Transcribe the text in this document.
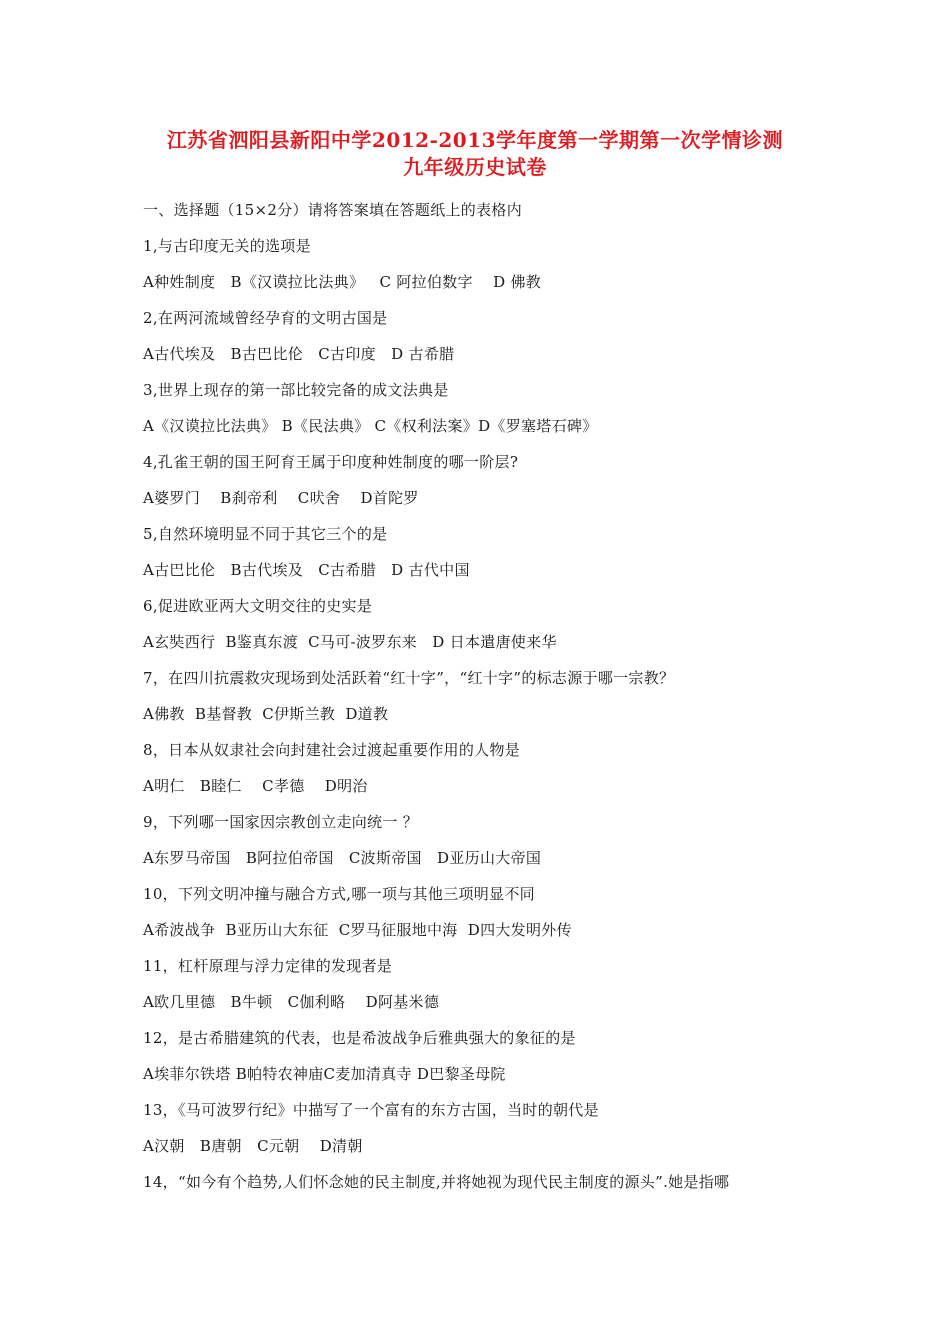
江苏省泗阳县新阳中学2012-2013学年度第一学期第一次学情诊测
九年级历史试卷
一、选择题（15×2分）请将答案填在答题纸上的表格内
1,与古印度无关的选项是
A种姓制度   B《汉谟拉比法典》   C 阿拉伯数字    D 佛教
2,在两河流域曾经孕育的文明古国是
A古代埃及   B古巴比伦   C古印度   D 古希腊
3,世界上现存的第一部比较完备的成文法典是
A《汉谟拉比法典》 B《民法典》 C《权利法案》D《罗塞塔石碑》
4,孔雀王朝的国王阿育王属于印度种姓制度的哪一阶层?
A婆罗门    B刹帝利    C吠舍    D首陀罗
5,自然环境明显不同于其它三个的是
A古巴比伦   B古代埃及   C古希腊   D 古代中国
6,促进欧亚两大文明交往的史实是
A玄奘西行  B鉴真东渡  C马可-波罗东来   D 日本遣唐使来华
7，在四川抗震救灾现场到处活跃着“红十字”，“红十字”的标志源于哪一宗教？
A佛教  B基督教  C伊斯兰教  D道教
8，日本从奴隶社会向封建社会过渡起重要作用的人物是
A明仁   B睦仁    C孝德    D明治
9，下列哪一国家因宗教创立走向统一 ？
A东罗马帝国   B阿拉伯帝国   C波斯帝国   D亚历山大帝国
10，下列文明冲撞与融合方式,哪一项与其他三项明显不同
A希波战争  B亚历山大东征  C罗马征服地中海  D四大发明外传
11，杠杆原理与浮力定律的发现者是
A欧几里德   B牛顿   C伽利略    D阿基米德
12，是古希腊建筑的代表，也是希波战争后雅典强大的象征的是
A埃菲尔铁塔 B帕特农神庙C麦加清真寺 D巴黎圣母院
13，《马可波罗行纪》中描写了一个富有的东方古国，当时的朝代是
A汉朝   B唐朝   C元朝    D清朝
14，“如今有个趋势,人们怀念她的民主制度,并将她视为现代民主制度的源头”.她是指哪
